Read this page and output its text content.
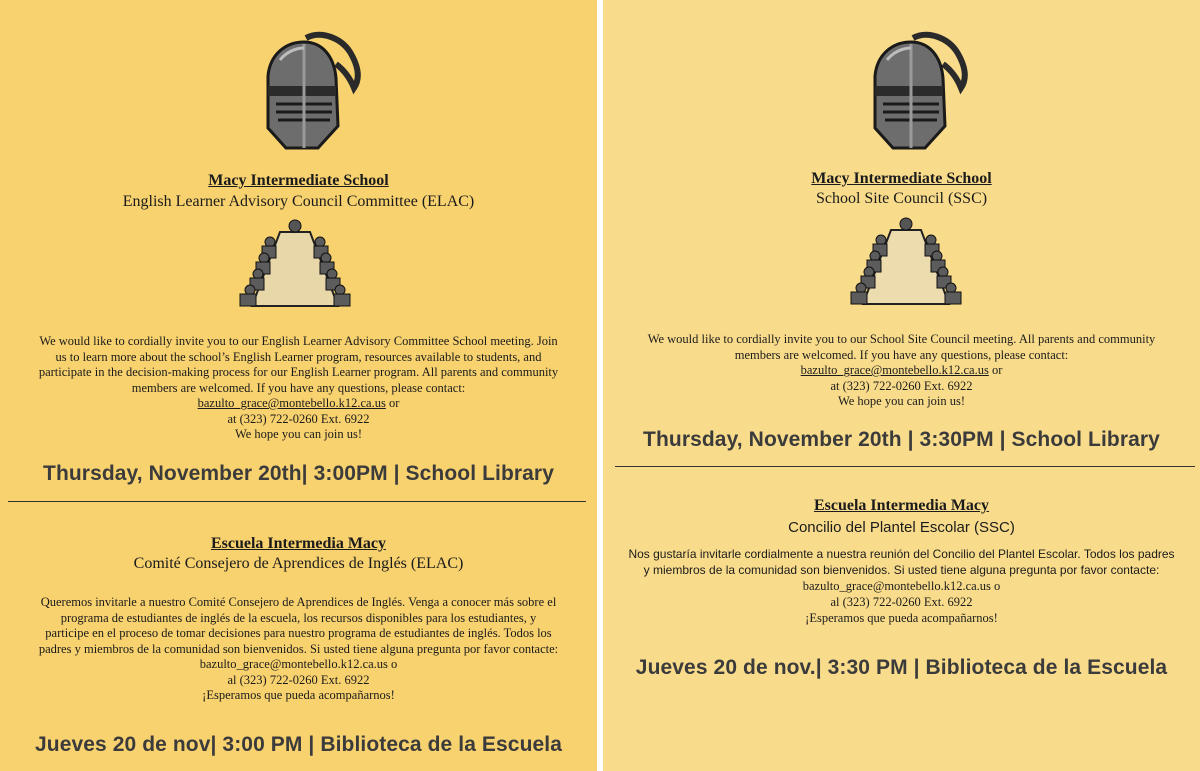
Macy Intermediate School
English Learner Advisory Council Committee (ELAC)
We would like to cordially invite you to our English Learner Advisory Committee School meeting. Join
us to learn more about the school’s English Learner program, resources available to students, and
participate in the decision-making process for our English Learner program. All parents and community
members are welcomed. If you have any questions, please contact:
bazulto_grace@montebello.k12.ca.us or
at (323) 722-0260 Ext. 6922
We hope you can join us!
Thursday, November 20th| 3:00PM | School Library
Escuela Intermedia Macy
Comité Consejero de Aprendices de Inglés (ELAC)
Queremos invitarle a nuestro Comité Consejero de Aprendices de Inglés. Venga a conocer más sobre el
programa de estudiantes de inglés de la escuela, los recursos disponibles para los estudiantes, y
participe en el proceso de tomar decisiones para nuestro programa de estudiantes de inglés. Todos los
padres y miembros de la comunidad son bienvenidos. Si usted tiene alguna pregunta por favor contacte:
bazulto_grace@montebello.k12.ca.us o
al (323) 722-0260 Ext. 6922
¡Esperamos que pueda acompañarnos!
Jueves 20 de nov| 3:00 PM | Biblioteca de la Escuela
Macy Intermediate School
School Site Council (SSC)
We would like to cordially invite you to our School Site Council meeting. All parents and community
members are welcomed. If you have any questions, please contact:
bazulto_grace@montebello.k12.ca.us or
at (323) 722-0260 Ext. 6922
We hope you can join us!
Thursday, November 20th | 3:30PM | School Library
Escuela Intermedia Macy
Concilio del Plantel Escolar (SSC)
Nos gustaría invitarle cordialmente a nuestra reunión del Concilio del Plantel Escolar. Todos los padres
y miembros de la comunidad son bienvenidos. Si usted tiene alguna pregunta por favor contacte:
bazulto_grace@montebello.k12.ca.us o
al (323) 722-0260 Ext. 6922
¡Esperamos que pueda acompañarnos!
Jueves 20 de nov.| 3:30 PM | Biblioteca de la Escuela
